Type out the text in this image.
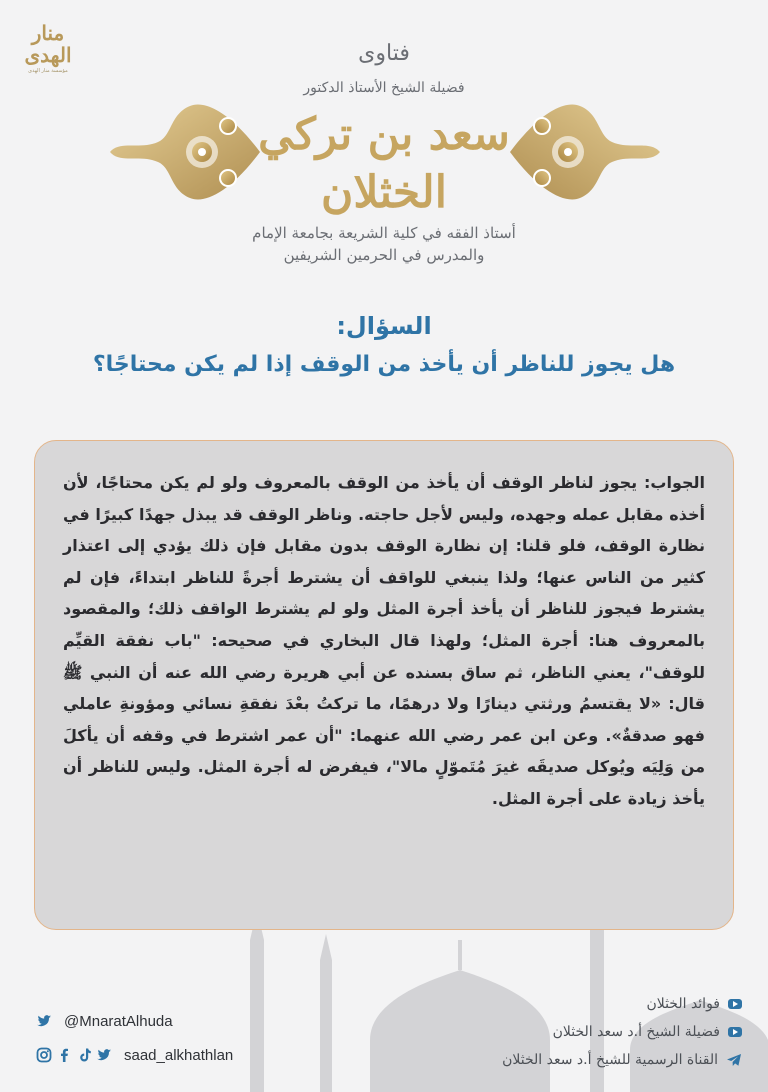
منار الهدى
مؤسسة منار الهدى
فتاوى
فضيلة الشيخ الأستاذ الدكتور
سعد بن تركي الخثلان
أستاذ الفقه في كلية الشريعة بجامعة الإمام
والمدرس في الحرمين الشريفين
السؤال:
هل يجوز للناظر أن يأخذ من الوقف إذا لم يكن محتاجًا؟
الجواب: يجوز لناظر الوقف أن يأخذ من الوقف بالمعروف ولو لم يكن محتاجًا، لأن أخذه مقابل عمله وجهده، وليس لأجل حاجته. وناظر الوقف قد يبذل جهدًا كبيرًا في نظارة الوقف، فلو قلنا: إن نظارة الوقف بدون مقابل فإن ذلك يؤدي إلى اعتذار كثير من الناس عنها؛ ولذا ينبغي للواقف أن يشترط أجرةً للناظر ابتداءً، فإن لم يشترط فيجوز للناظر أن يأخذ أجرة المثل ولو لم يشترط الواقف ذلك؛ والمقصود بالمعروف هنا: أجرة المثل؛ ولهذا قال البخاري في صحيحه: "باب نفقة القيِّم للوقف"، يعني الناظر، ثم ساق بسنده عن أبي هريرة رضي الله عنه أن النبي ﷺ قال: «لا يقتسمُ ورثتي دينارًا ولا درهمًا، ما تركتُ بعْدَ نفقةِ نسائي ومؤونةِ عاملي فهو صدقةٌ». وعن ابن عمر رضي الله عنهما: "أن عمر اشترط في وقفه أن يأكلَ من وَلِيَه ويُوكل صديقَه غيرَ مُتَموّلٍ مالا"، فيفرض له أجرة المثل. وليس للناظر أن يأخذ زيادة على أجرة المثل.
@MnaratAlhuda
saad_alkhathlan
فوائد الخثلان
فضيلة الشيخ أ.د سعد الخثلان
القناة الرسمية للشيخ أ.د سعد الخثلان
